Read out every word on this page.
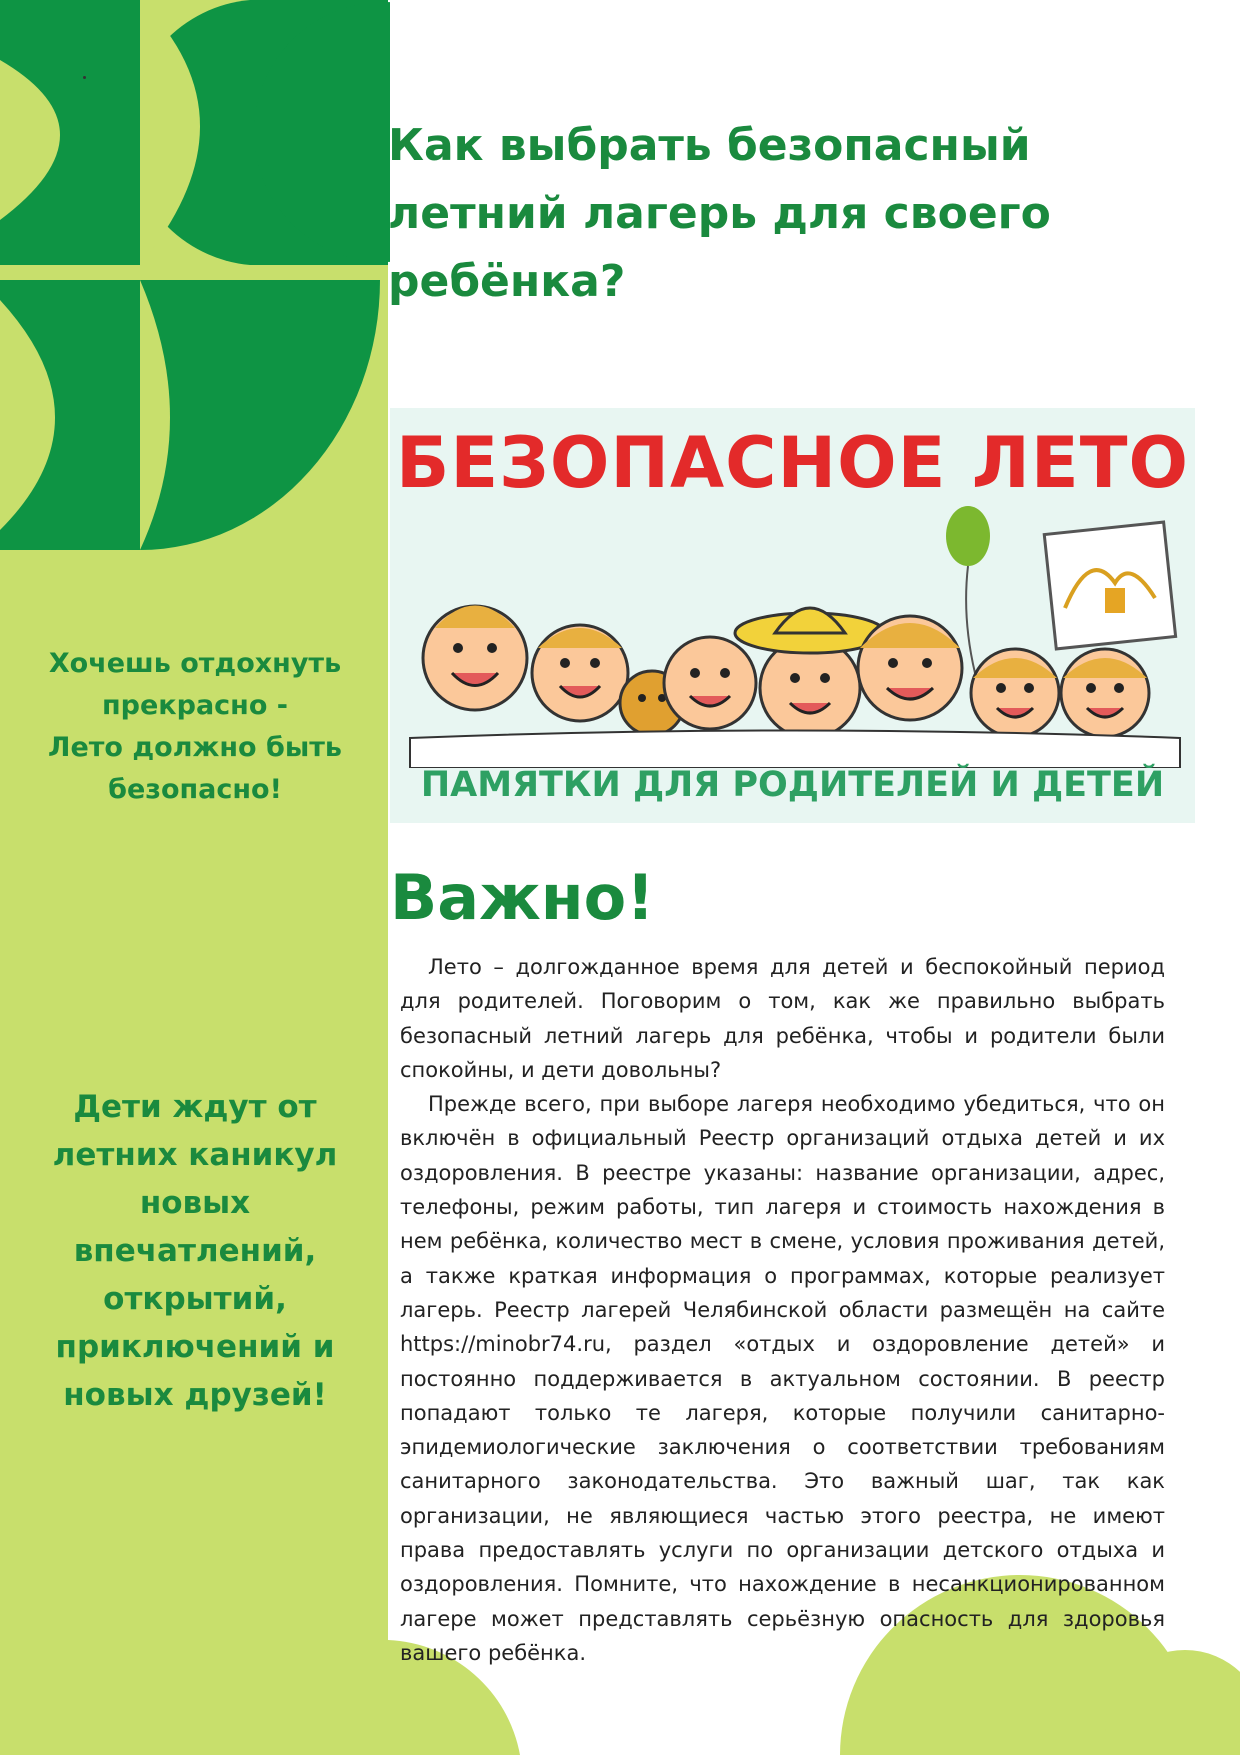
Хочешь отдохнуть
прекрасно -
Лето должно быть
безопасно!

Дети ждут от
летних каникул
новых
впечатлений,
открытий,
приключений и
новых друзей!

Как выбрать безопасный
летний лагерь для своего
ребёнка?
БЕЗОПАСНОЕ ЛЕТО
ПАМЯТКИ ДЛЯ РОДИТЕЛЕЙ И ДЕТЕЙ
Важно!

Лето – долгожданное время для детей и беспокойный период для родителей. Поговорим о том, как же правильно выбрать безопасный летний лагерь для ребёнка, чтобы и родители были спокойны, и дети довольны?

Прежде всего, при выборе лагеря необходимо убедиться, что он включён в официальный Реестр организаций отдыха детей и их оздоровления. В реестре указаны: название организации, адрес, телефоны, режим работы, тип лагеря и стоимость нахождения в нем ребёнка, количество мест в смене, условия проживания детей, а также краткая информация о программах, которые реализует лагерь. Реестр лагерей Челябинской области размещён на сайте https://minobr74.ru, раздел «отдых и оздоровление детей» и постоянно поддерживается в актуальном состоянии. В реестр попадают только те лагеря, которые получили санитарно-эпидемиологические заключения о соответствии требованиям санитарного законодательства. Это важный шаг, так как организации, не являющиеся частью этого реестра, не имеют права предоставлять услуги по организации детского отдыха и оздоровления. Помните, что нахождение в несанкционированном лагере может представлять серьёзную опасность для здоровья вашего ребёнка.
